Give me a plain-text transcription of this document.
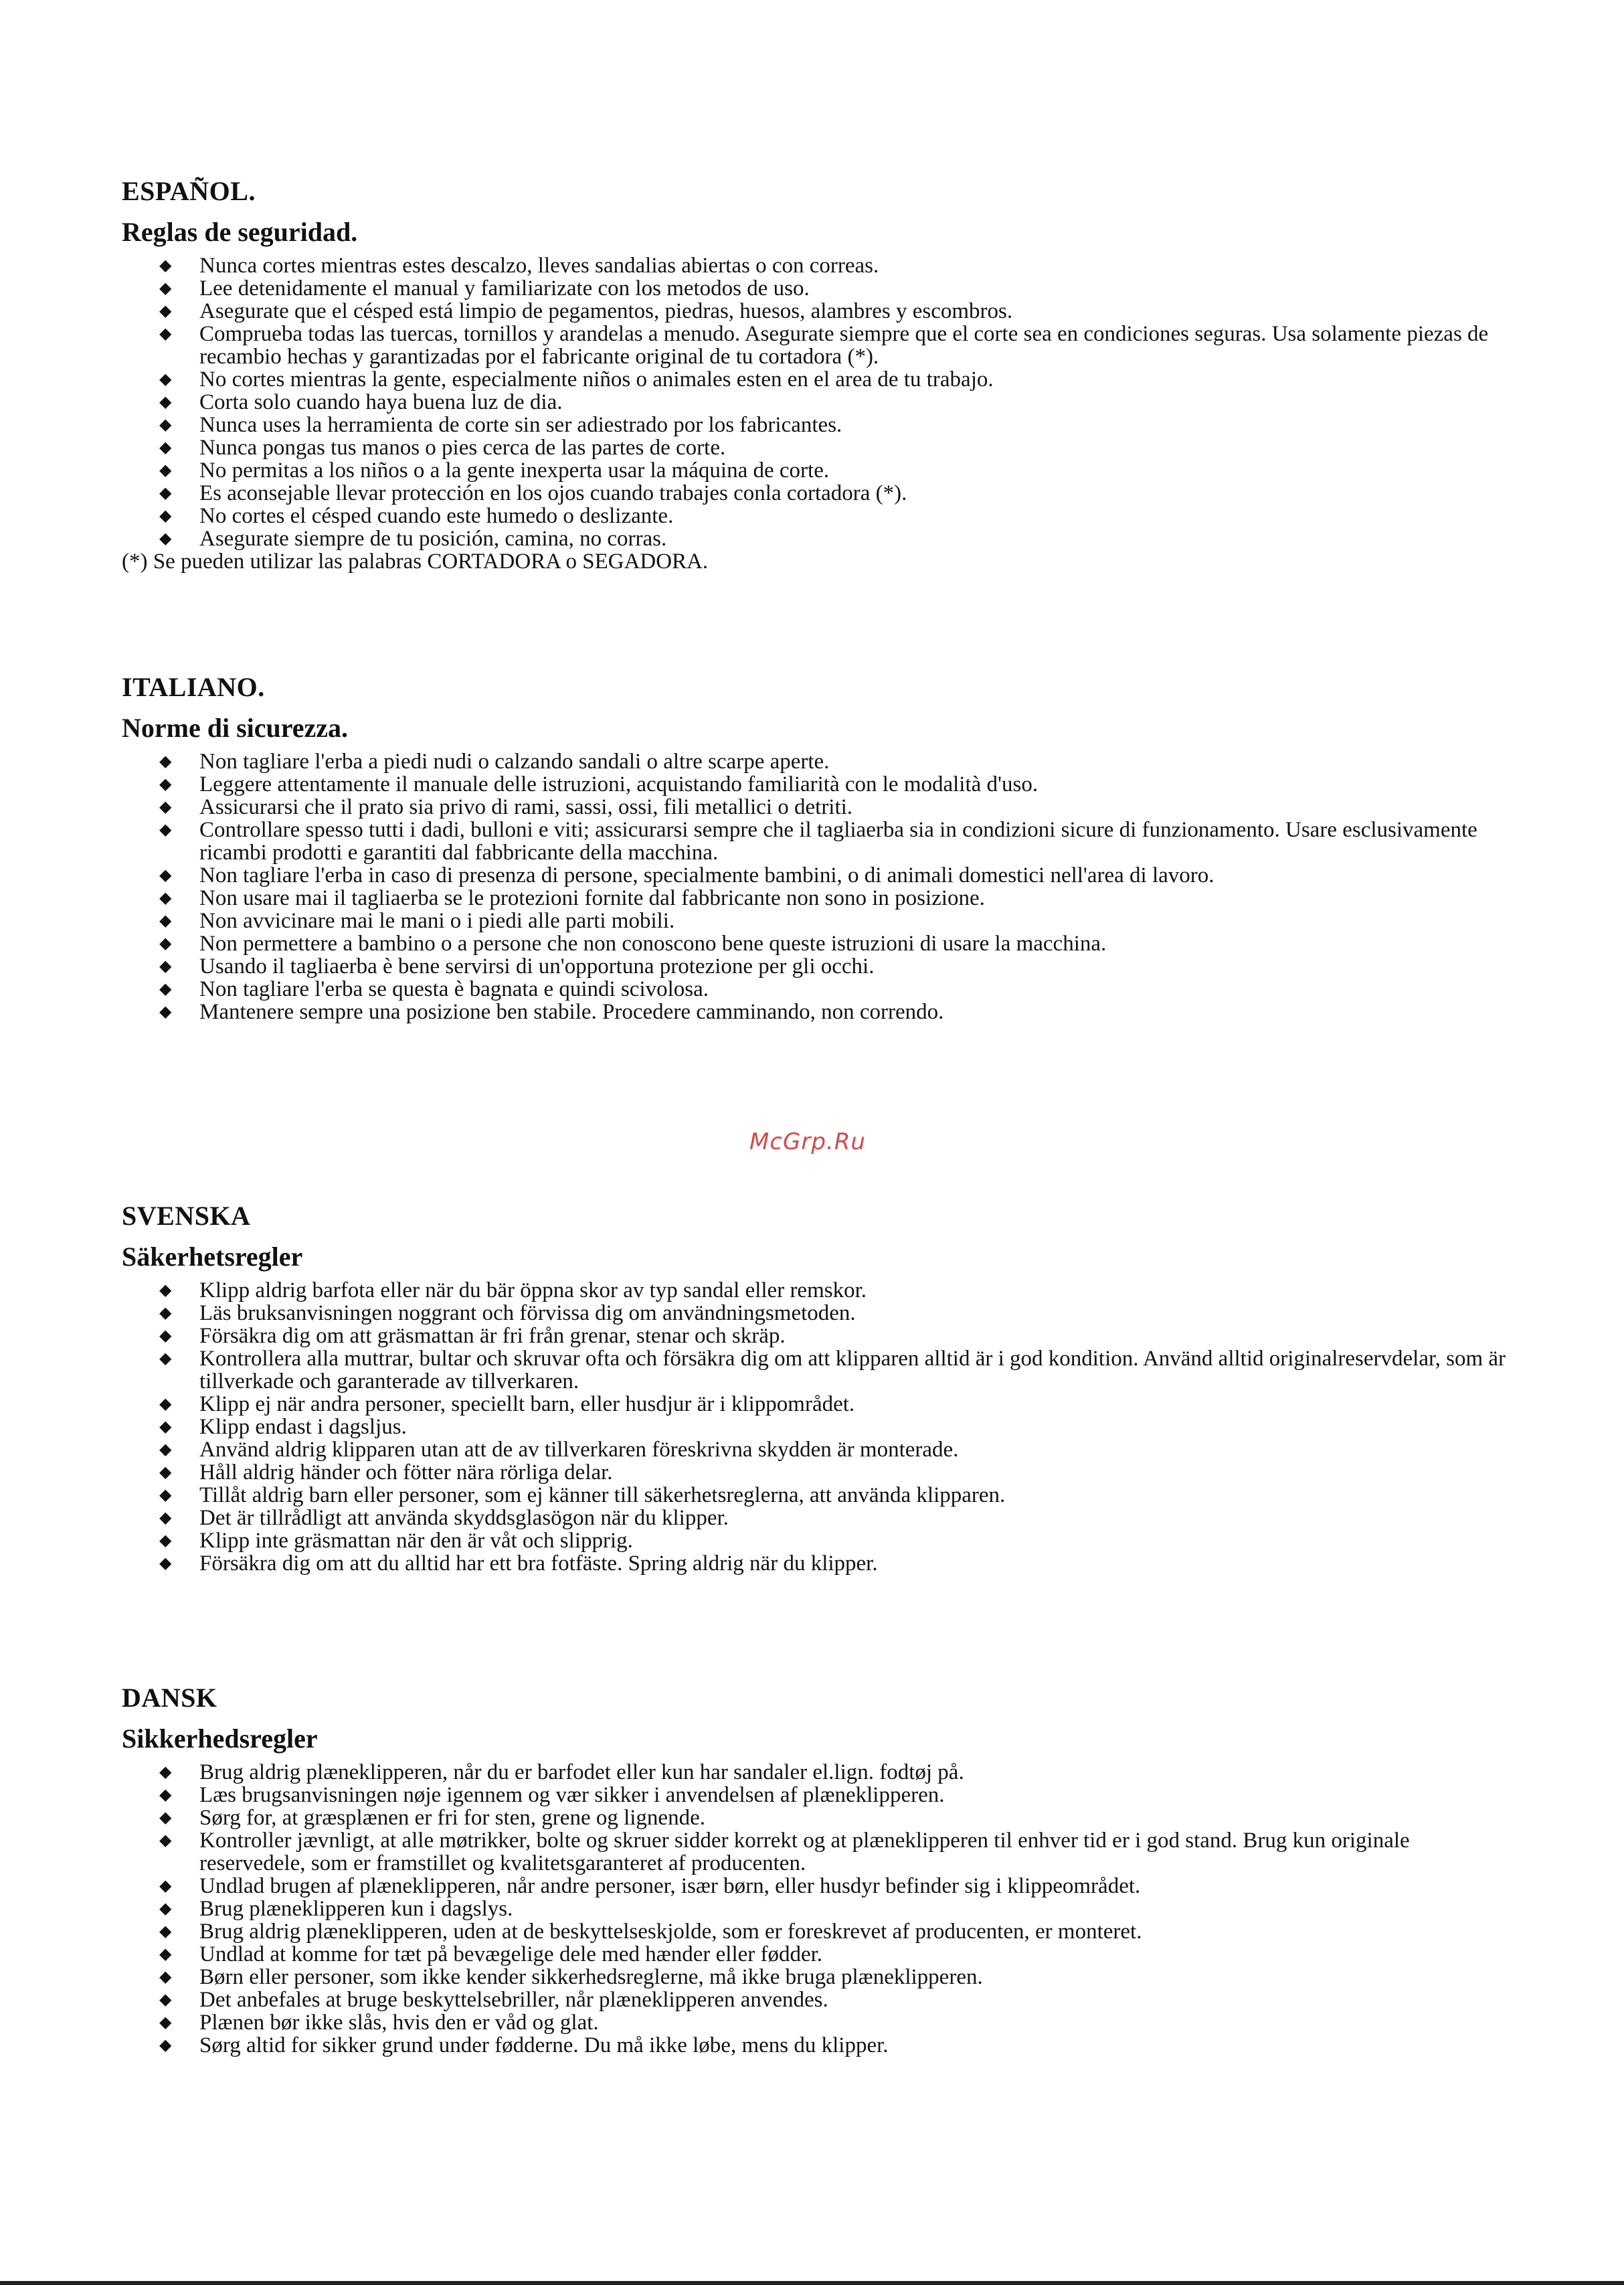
ESPAÑOL.
Reglas de seguridad.
◆ Nunca cortes mientras estes descalzo, lleves sandalias abiertas o con correas.
◆ Lee detenidamente el manual y familiarizate con los metodos de uso.
◆ Asegurate que el césped está limpio de pegamentos, piedras, huesos, alambres y escombros.
◆ Comprueba todas las tuercas, tornillos y arandelas a menudo. Asegurate siempre que el corte sea en condiciones seguras. Usa solamente piezas de recambio hechas y garantizadas por el fabricante original de tu cortadora (*).
◆ No cortes mientras la gente, especialmente niños o animales esten en el area de tu trabajo.
◆ Corta solo cuando haya buena luz de dia.
◆ Nunca uses la herramienta de corte sin ser adiestrado por los fabricantes.
◆ Nunca pongas tus manos o pies cerca de las partes de corte.
◆ No permitas a los niños o a la gente inexperta usar la máquina de corte.
◆ Es aconsejable llevar protección en los ojos cuando trabajes conla cortadora (*).
◆ No cortes el césped cuando este humedo o deslizante.
◆ Asegurate siempre de tu posición, camina, no corras.

(*) Se pueden utilizar las palabras CORTADORA o SEGADORA.

ITALIANO.
Norme di sicurezza.
◆ Non tagliare l'erba a piedi nudi o calzando sandali o altre scarpe aperte.
◆ Leggere attentamente il manuale delle istruzioni, acquistando familiarità con le modalità d'uso.
◆ Assicurarsi che il prato sia privo di rami, sassi, ossi, fili metallici o detriti.
◆ Controllare spesso tutti i dadi, bulloni e viti; assicurarsi sempre che il tagliaerba sia in condizioni sicure di funzionamento. Usare esclusivamente ricambi prodotti e garantiti dal fabbricante della macchina.
◆ Non tagliare l'erba in caso di presenza di persone, specialmente bambini, o di animali domestici nell'area di lavoro.
◆ Non usare mai il tagliaerba se le protezioni fornite dal fabbricante non sono in posizione.
◆ Non avvicinare mai le mani o i piedi alle parti mobili.
◆ Non permettere a bambino o a persone che non conoscono bene queste istruzioni di usare la macchina.
◆ Usando il tagliaerba è bene servirsi di un'opportuna protezione per gli occhi.
◆ Non tagliare l'erba se questa è bagnata e quindi scivolosa.
◆ Mantenere sempre una posizione ben stabile. Procedere camminando, non correndo.
McGrp.Ru
SVENSKA
Säkerhetsregler
◆ Klipp aldrig barfota eller när du bär öppna skor av typ sandal eller remskor.
◆ Läs bruksanvisningen noggrant och förvissa dig om användningsmetoden.
◆ Försäkra dig om att gräsmattan är fri från grenar, stenar och skräp.
◆ Kontrollera alla muttrar, bultar och skruvar ofta och försäkra dig om att klipparen alltid är i god kondition. Använd alltid originalreservdelar, som är tillverkade och garanterade av tillverkaren.
◆ Klipp ej när andra personer, speciellt barn, eller husdjur är i klippområdet.
◆ Klipp endast i dagsljus.
◆ Använd aldrig klipparen utan att de av tillverkaren föreskrivna skydden är monterade.
◆ Håll aldrig händer och fötter nära rörliga delar.
◆ Tillåt aldrig barn eller personer, som ej känner till säkerhetsreglerna, att använda klipparen.
◆ Det är tillrådligt att använda skyddsglasögon när du klipper.
◆ Klipp inte gräsmattan när den är våt och slipprig.
◆ Försäkra dig om att du alltid har ett bra fotfäste. Spring aldrig när du klipper.
DANSK
Sikkerhedsregler
◆ Brug aldrig plæneklipperen, når du er barfodet eller kun har sandaler el.lign. fodtøj på.
◆ Læs brugsanvisningen nøje igennem og vær sikker i anvendelsen af plæneklipperen.
◆ Sørg for, at græsplænen er fri for sten, grene og lignende.
◆ Kontroller jævnligt, at alle møtrikker, bolte og skruer sidder korrekt og at plæneklipperen til enhver tid er i god stand. Brug kun originale reservedele, som er framstillet og kvalitetsgaranteret af producenten.
◆ Undlad brugen af plæneklipperen, når andre personer, især børn, eller husdyr befinder sig i klippeområdet.
◆ Brug plæneklipperen kun i dagslys.
◆ Brug aldrig plæneklipperen, uden at de beskyttelseskjolde, som er foreskrevet af producenten, er monteret.
◆ Undlad at komme for tæt på bevægelige dele med hænder eller fødder.
◆ Børn eller personer, som ikke kender sikkerhedsreglerne, må ikke bruga plæneklipperen.
◆ Det anbefales at bruge beskyttelsebriller, når plæneklipperen anvendes.
◆ Plænen bør ikke slås, hvis den er våd og glat.
◆ Sørg altid for sikker grund under fødderne. Du må ikke løbe, mens du klipper.
